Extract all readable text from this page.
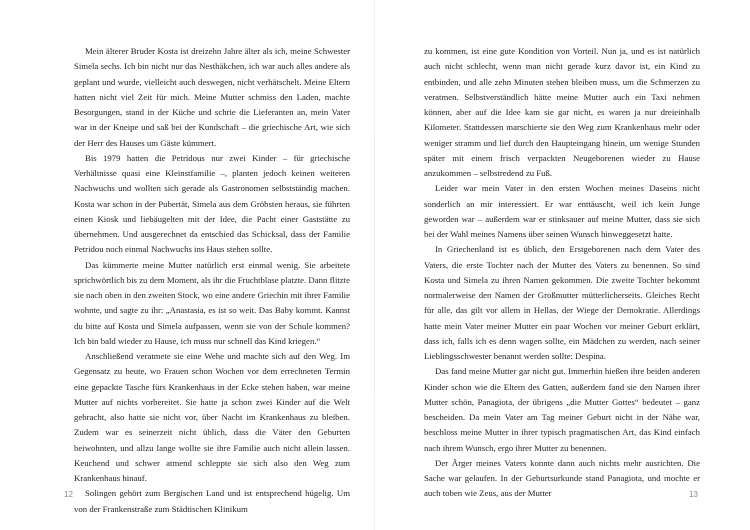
Mein älterer Bruder Kosta ist dreizehn Jahre älter als ich, meine Schwester Simela sechs. Ich bin nicht nur das Nesthäkchen, ich war auch alles andere als geplant und wurde, vielleicht auch deswegen, nicht verhätschelt. Meine Eltern hatten nicht viel Zeit für mich. Meine Mutter schmiss den Laden, machte Besorgungen, stand in der Küche und schrie die Lieferanten an, mein Vater war in der Kneipe und saß bei der Kundschaft – die griechische Art, wie sich der Herr des Hauses um Gäste kümmert.

Bis 1979 hatten die Petridous nur zwei Kinder – für griechische Verhältnisse quasi eine Kleinstfamilie –, planten jedoch keinen weiteren Nachwuchs und wollten sich gerade als Gastronomen selbstständig machen. Kosta war schon in der Pubertät, Simela aus dem Gröbsten heraus, sie führten einen Kiosk und liebäugelten mit der Idee, die Pacht einer Gaststätte zu übernehmen. Und ausgerechnet da entschied das Schicksal, dass der Familie Petridou noch einmal Nachwuchs ins Haus stehen sollte.

Das kümmerte meine Mutter natürlich erst einmal wenig. Sie arbeitete sprichwörtlich bis zu dem Moment, als ihr die Fruchtblase platzte. Dann flitzte sie nach oben in den zweiten Stock, wo eine andere Griechin mit ihrer Familie wohnte, und sagte zu ihr: „Anastasia, es ist so weit. Das Baby kommt. Kannst du bitte auf Kosta und Simela aufpassen, wenn sie von der Schule kommen? Ich bin bald wieder zu Hause, ich muss nur schnell das Kind kriegen.“

Anschließend veratmete sie eine Wehe und machte sich auf den Weg. Im Gegensatz zu heute, wo Frauen schon Wochen vor dem errechneten Termin eine gepackte Tasche fürs Krankenhaus in der Ecke stehen haben, war meine Mutter auf nichts vorbereitet. Sie hatte ja schon zwei Kinder auf die Welt gebracht, also hatte sie nicht vor, über Nacht im Krankenhaus zu bleiben. Zudem war es seinerzeit nicht üblich, dass die Väter den Geburten beiwohnten, und allzu lange wollte sie ihre Familie auch nicht allein lassen. Keuchend und schwer atmend schleppte sie sich also den Weg zum Krankenhaus hinauf.

Solingen gehört zum Bergischen Land und ist entsprechend hügelig. Um von der Frankenstraße zum Städtischen Klinikum

12

zu kommen, ist eine gute Kondition von Vorteil. Nun ja, und es ist natürlich auch nicht schlecht, wenn man nicht gerade kurz davor ist, ein Kind zu entbinden, und alle zehn Minuten stehen bleiben muss, um die Schmerzen zu veratmen. Selbstverständlich hätte meine Mutter auch ein Taxi nehmen können, aber auf die Idee kam sie gar nicht, es waren ja nur dreieinhalb Kilometer. Stattdessen marschierte sie den Weg zum Krankenhaus mehr oder weniger stramm und lief durch den Haupteingang hinein, um wenige Stunden später mit einem frisch verpackten Neugeborenen wieder zu Hause anzukommen – selbstredend zu Fuß.

Leider war mein Vater in den ersten Wochen meines Daseins nicht sonderlich an mir interessiert. Er war enttäuscht, weil ich kein Junge geworden war – außerdem war er stinksauer auf meine Mutter, dass sie sich bei der Wahl meines Namens über seinen Wunsch hinweggesetzt hatte.

In Griechenland ist es üblich, den Erstgeborenen nach dem Vater des Vaters, die erste Tochter nach der Mutter des Vaters zu benennen. So sind Kosta und Simela zu ihren Namen gekommen. Die zweite Tochter bekommt normalerweise den Namen der Großmutter mütterlicherseits. Gleiches Recht für alle, das gilt vor allem in Hellas, der Wiege der Demokratie. Allerdings hatte mein Vater meiner Mutter ein paar Wochen vor meiner Geburt erklärt, dass ich, falls ich es denn wagen sollte, ein Mädchen zu werden, nach seiner Lieblingsschwester benannt werden sollte: Despina.

Das fand meine Mutter gar nicht gut. Immerhin hießen ihre beiden anderen Kinder schon wie die Eltern des Gatten, außerdem fand sie den Namen ihrer Mutter schön, Panagiota, der übrigens „die Mutter Gottes“ bedeutet – ganz bescheiden. Da mein Vater am Tag meiner Geburt nicht in der Nähe war, beschloss meine Mutter in ihrer typisch pragmatischen Art, das Kind einfach nach ihrem Wunsch, ergo ihrer Mutter zu benennen.

Der Ärger meines Vaters konnte dann auch nichts mehr ausrichten. Die Sache war gelaufen. In der Geburtsurkunde stand Panagiota, und mochte er auch toben wie Zeus, aus der Mutter	13
